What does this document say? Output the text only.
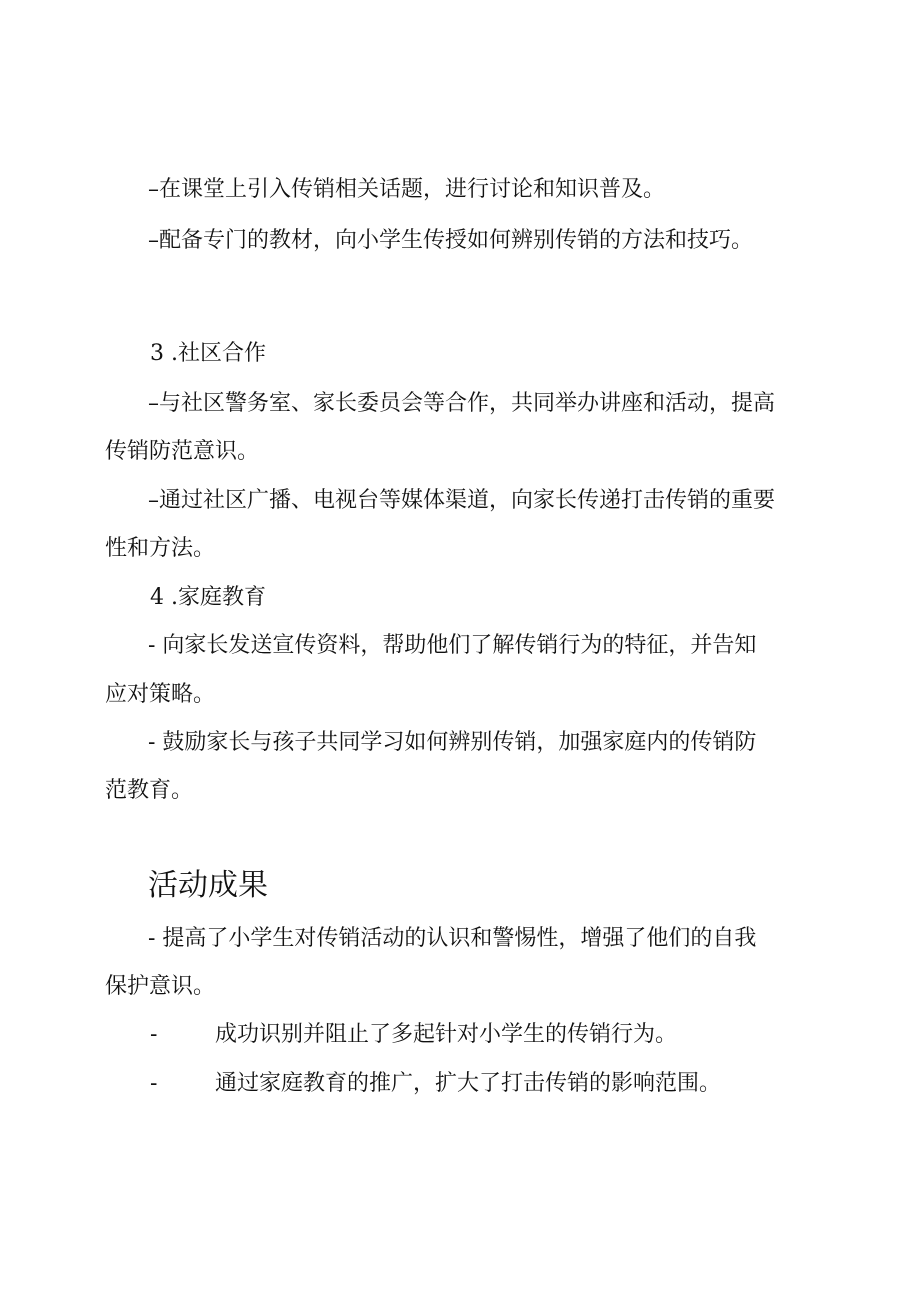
–在课堂上引入传销相关话题，进行讨论和知识普及。
–配备专门的教材，向小学生传授如何辨别传销的方法和技巧。
3 .社区合作
–与社区警务室、家长委员会等合作，共同举办讲座和活动，提高
传销防范意识。
–通过社区广播、电视台等媒体渠道，向家长传递打击传销的重要
性和方法。
4 .家庭教育
- 向家长发送宣传资料，帮助他们了解传销行为的特征，并告知
应对策略。
- 鼓励家长与孩子共同学习如何辨别传销，加强家庭内的传销防
范教育。
活动成果
- 提高了小学生对传销活动的认识和警惕性，增强了他们的自我
保护意识。
-	成功识别并阻止了多起针对小学生的传销行为。
-	通过家庭教育的推广，扩大了打击传销的影响范围。
